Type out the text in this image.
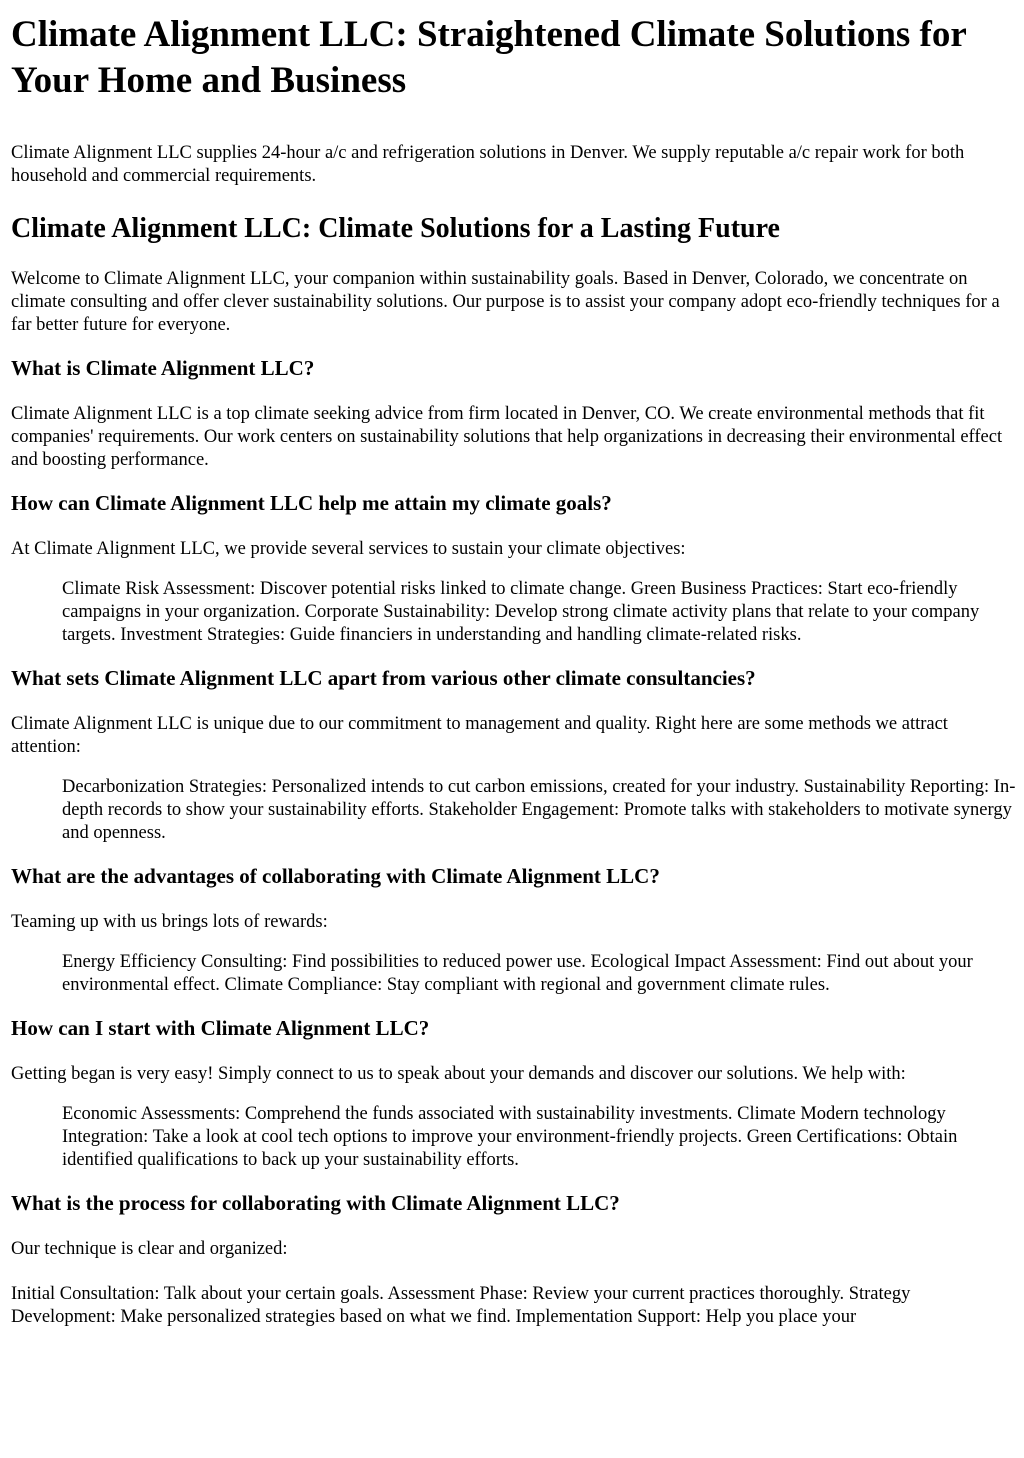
Climate Alignment LLC: Straightened Climate Solutions for Your Home and Business

Climate Alignment LLC supplies 24-hour a/c and refrigeration solutions in Denver. We supply reputable a/c repair work for both household and commercial requirements.

Climate Alignment LLC: Climate Solutions for a Lasting Future

Welcome to Climate Alignment LLC, your companion within sustainability goals. Based in Denver, Colorado, we concentrate on climate consulting and offer clever sustainability solutions. Our purpose is to assist your company adopt eco-friendly techniques for a far better future for everyone.

What is Climate Alignment LLC?

Climate Alignment LLC is a top climate seeking advice from firm located in Denver, CO. We create environmental methods that fit companies' requirements. Our work centers on sustainability solutions that help organizations in decreasing their environmental effect and boosting performance.

How can Climate Alignment LLC help me attain my climate goals?

At Climate Alignment LLC, we provide several services to sustain your climate objectives:

Climate Risk Assessment: Discover potential risks linked to climate change. Green Business Practices: Start eco-friendly campaigns in your organization. Corporate Sustainability: Develop strong climate activity plans that relate to your company targets. Investment Strategies: Guide financiers in understanding and handling climate-related risks.
What sets Climate Alignment LLC apart from various other climate consultancies?

Climate Alignment LLC is unique due to our commitment to management and quality. Right here are some methods we attract attention:

Decarbonization Strategies: Personalized intends to cut carbon emissions, created for your industry. Sustainability Reporting: In-depth records to show your sustainability efforts. Stakeholder Engagement: Promote talks with stakeholders to motivate synergy and openness.
What are the advantages of collaborating with Climate Alignment LLC?

Teaming up with us brings lots of rewards:

Energy Efficiency Consulting: Find possibilities to reduced power use. Ecological Impact Assessment: Find out about your environmental effect. Climate Compliance: Stay compliant with regional and government climate rules.
How can I start with Climate Alignment LLC?

Getting began is very easy! Simply connect to us to speak about your demands and discover our solutions. We help with:

Economic Assessments: Comprehend the funds associated with sustainability investments. Climate Modern technology Integration: Take a look at cool tech options to improve your environment-friendly projects. Green Certifications: Obtain identified qualifications to back up your sustainability efforts.
What is the process for collaborating with Climate Alignment LLC?

Our technique is clear and organized:

Initial Consultation: Talk about your certain goals. Assessment Phase: Review your current practices thoroughly. Strategy Development: Make personalized strategies based on what we find. Implementation Support: Help you place your
